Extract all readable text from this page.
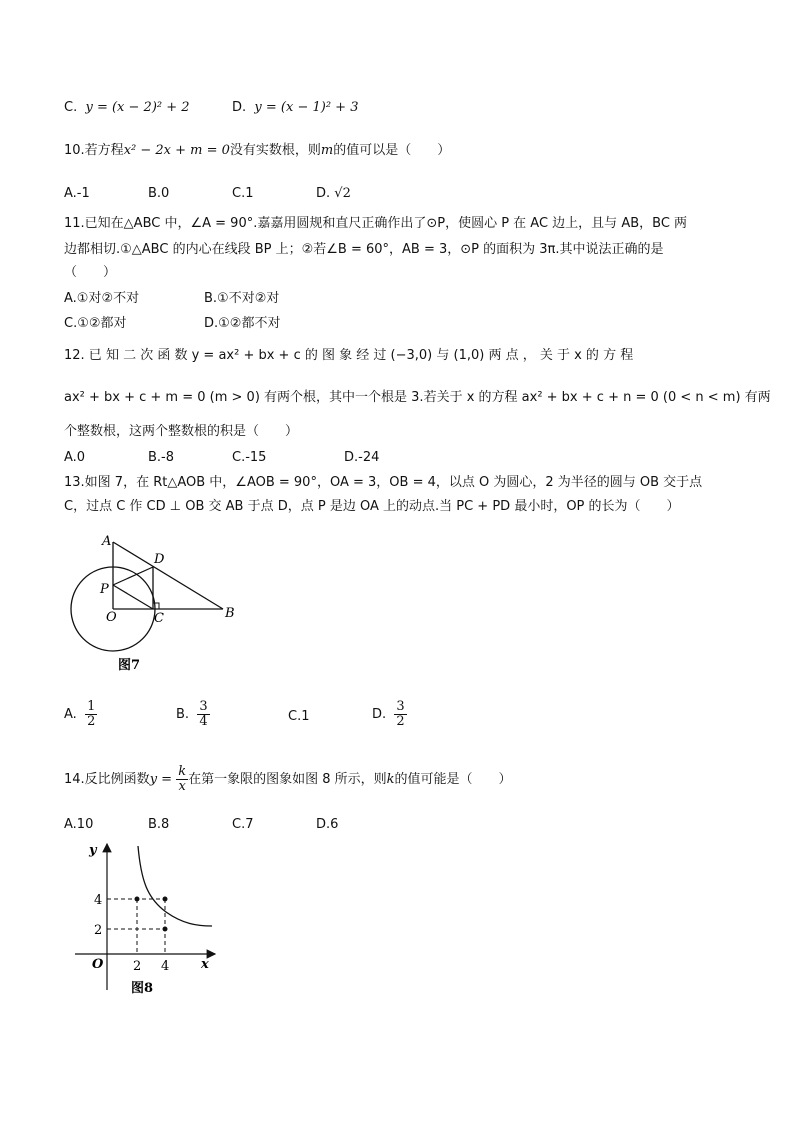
C. y = (x − 2)² + 2	D. y = (x − 1)² + 3
10.若方程x² − 2x + m = 0没有实数根，则m的值可以是（　　）
A.-1	B.0	C.1	D. √2
11.已知在△ABC 中，∠A = 90°.嘉嘉用圆规和直尺正确作出了⊙P，使圆心 P 在 AC 边上，且与 AB，BC 两
边都相切.①△ABC 的内心在线段 BP 上；②若∠B = 60°，AB = 3，⊙P 的面积为 3π.其中说法正确的是
（　　）
A.①对②不对	B.①不对②对
C.①②都对	D.①②都不对
12. 已 知 二 次 函 数 y = ax² + bx + c 的 图 象 经 过 (−3,0) 与 (1,0) 两 点 ， 关 于 x 的 方 程
ax² + bx + c + m = 0 (m > 0) 有两个根，其中一个根是 3.若关于 x 的方程 ax² + bx + c + n = 0 (0 < n < m) 有两
个整数根，这两个整数根的积是（　　）
A.0	B.-8	C.-15	D.-24
13.如图 7，在 Rt△AOB 中，∠AOB = 90°，OA = 3，OB = 4，以点 O 为圆心，2 为半径的圆与 OB 交于点
C，过点 C 作 CD ⊥ OB 交 AB 于点 D，点 P 是边 OA 上的动点.当 PC + PD 最小时，OP 的长为（　　）
A
D
P
O	C	B
图7
A. $\frac{1}{2}$	B. $\frac{3}{4}$	C.1	D. $\frac{3}{2}$
14.反比例函数$y = \frac{k}{x}$ 在第一象限的图象如图 8 所示，则k的值可能是（　　）
A.10	B.8	C.7	D.6
y
x
O
4
2
2 4
图8
